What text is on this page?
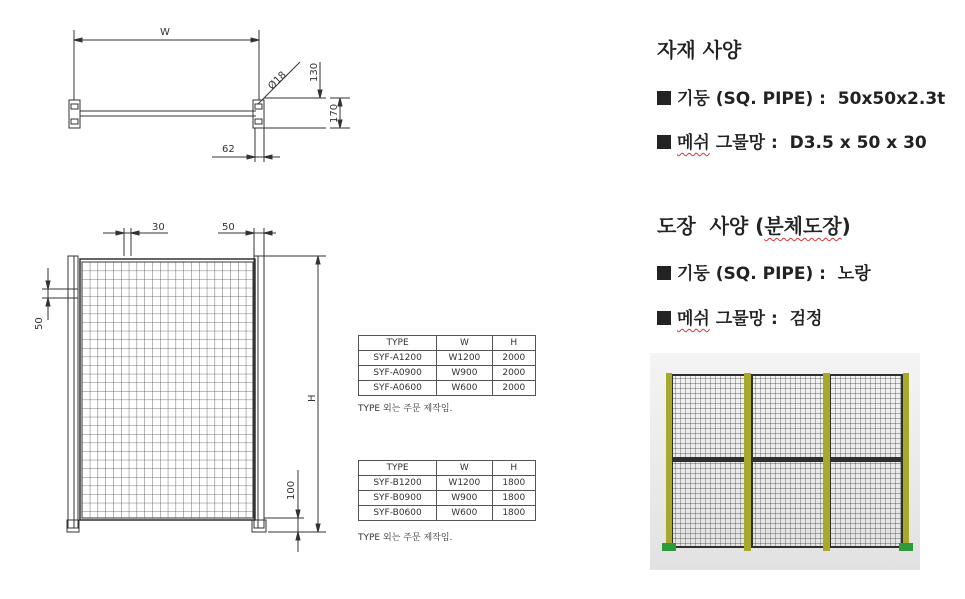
W
Ø18 130
170
62
30	50
50
H
100
TYPE	W	H
SYF-A1200	W1200	2000
SYF-A0900	W900	2000
SYF-A0600	W600	2000
TYPE 외는 주문 제작임.
TYPE	W	H
SYF-B1200	W1200	1800
SYF-B0900	W900	1800
SYF-B0600	W600	1800
TYPE 외는 주문 제작임.
자재 사양
기둥 (SQ. PIPE) : 50x50x2.3t
메쉬 그물망 : D3.5 x 50 x 30
도장  사양 (분체도장)
기둥 (SQ. PIPE) : 노랑
메쉬 그물망 : 검정
